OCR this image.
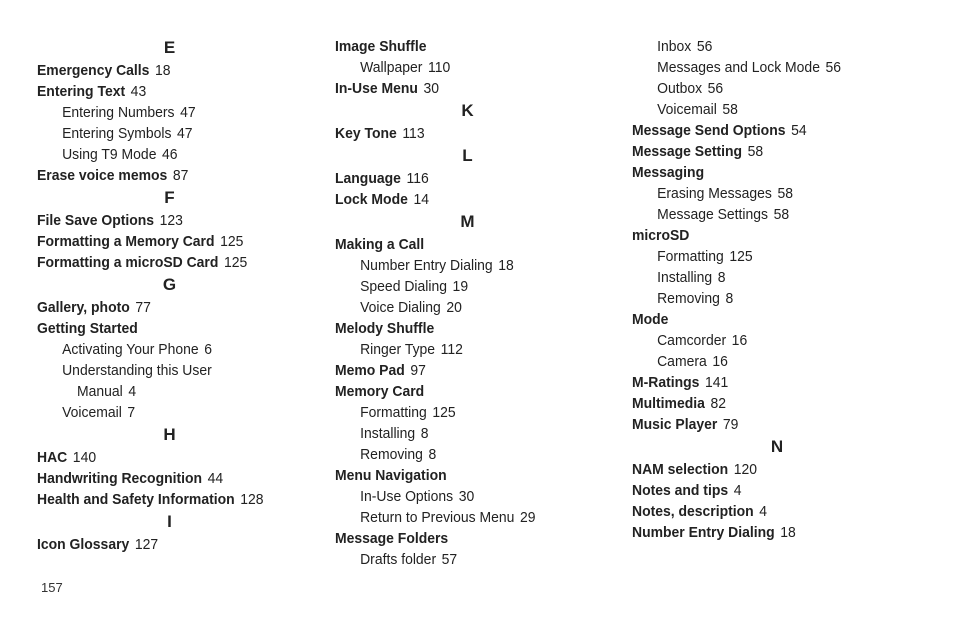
E
Emergency Calls 18
Entering Text 43
Entering Numbers 47
Entering Symbols 47
Using T9 Mode 46
Erase voice memos 87
F
File Save Options 123
Formatting a Memory Card 125
Formatting a microSD Card 125
G
Gallery, photo 77
Getting Started
Activating Your Phone 6
Understanding this User
Manual 4
Voicemail 7
H
HAC 140
Handwriting Recognition 44
Health and Safety Information 128
I
Icon Glossary 127
Image Shuffle
Wallpaper 110
In-Use Menu 30
K
Key Tone 113
L
Language 116
Lock Mode 14
M
Making a Call
Number Entry Dialing 18
Speed Dialing 19
Voice Dialing 20
Melody Shuffle
Ringer Type 112
Memo Pad 97
Memory Card
Formatting 125
Installing 8
Removing 8
Menu Navigation
In-Use Options 30
Return to Previous Menu 29
Message Folders
Drafts folder 57
Inbox 56
Messages and Lock Mode 56
Outbox 56
Voicemail 58
Message Send Options 54
Message Setting 58
Messaging
Erasing Messages 58
Message Settings 58
microSD
Formatting 125
Installing 8
Removing 8
Mode
Camcorder 16
Camera 16
M-Ratings 141
Multimedia 82
Music Player 79
N
NAM selection 120
Notes and tips 4
Notes, description 4
Number Entry Dialing 18
157
